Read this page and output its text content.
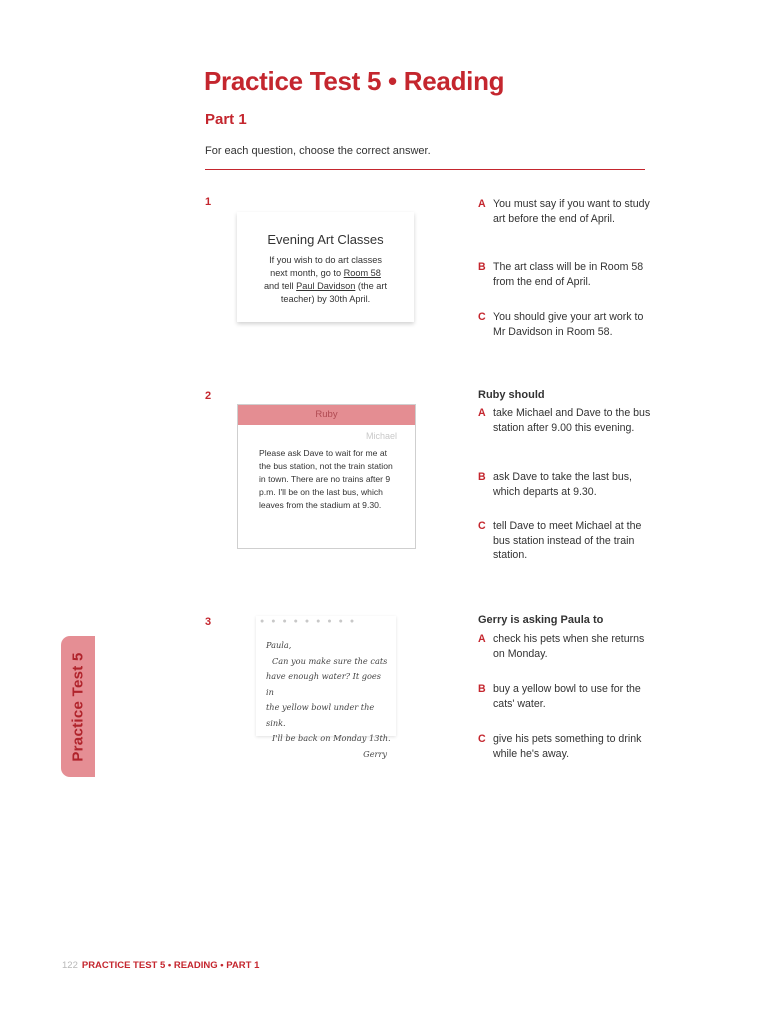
Practice Test 5 • Reading
Part 1

For each question, choose the correct answer.

1
Evening Art Classes
If you wish to do art classes
next month, go to Room 58
and tell Paul Davidson (the art
teacher) by 30th April.
A You must say if you want to study art before the end of April.
B The art class will be in Room 58 from the end of April.
C You should give your art work to Mr Davidson in Room 58.
2
Ruby
Michael
Please ask Dave to wait for me at the bus station, not the train station in town. There are no trains after 9 p.m. I'll be on the last bus, which leaves from the stadium at 9.30.
Ruby should
A take Michael and Dave to the bus station after 9.00 this evening.
B ask Dave to take the last bus, which departs at 9.30.
C tell Dave to meet Michael at the bus station instead of the train station.
3	●●●●●●●●●
Paula,
Can you make sure the cats
have enough water? It goes in
the yellow bowl under the sink.
I'll be back on Monday 13th.
Gerry
Gerry is asking Paula to
A check his pets when she returns on Monday.
B buy a yellow bowl to use for the cats' water.
C give his pets something to drink while he's away.
Practice Test 5
122 PRACTICE TEST 5 • READING • PART 1
